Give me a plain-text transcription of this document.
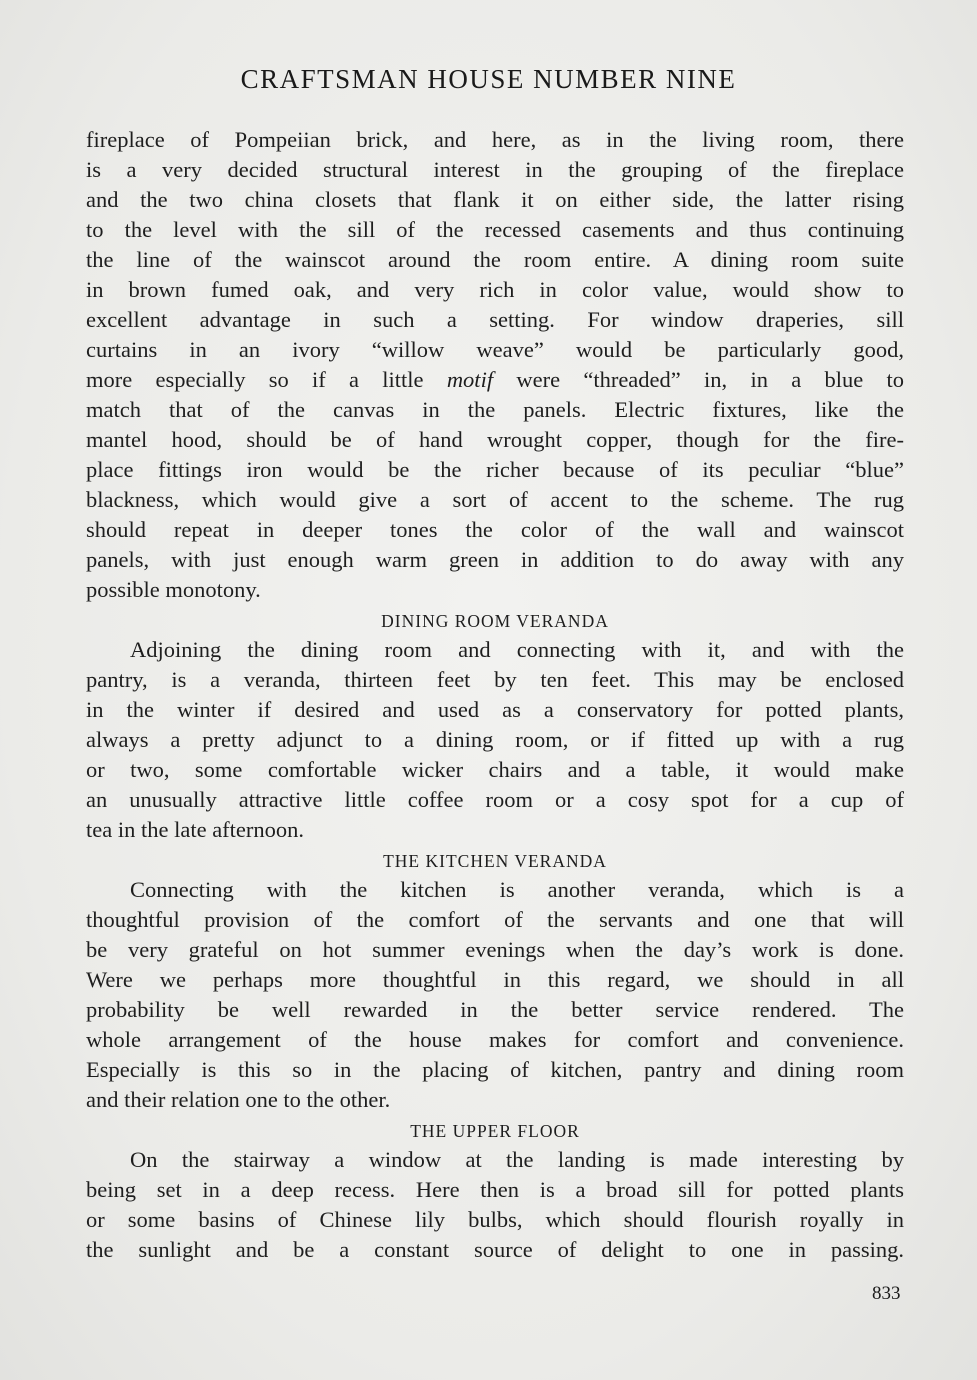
CRAFTSMAN HOUSE NUMBER NINE
fireplace of Pompeiian brick, and here, as in the living room, there
is a very decided structural interest in the grouping of the fireplace
and the two china closets that flank it on either side, the latter rising
to the level with the sill of the recessed casements and thus continuing
the line of the wainscot around the room entire. A dining room suite
in brown fumed oak, and very rich in color value, would show to
excellent advantage in such a setting. For window draperies, sill
curtains in an ivory “willow weave” would be particularly good,
more especially so if a little motif were “threaded” in, in a blue to
match that of the canvas in the panels. Electric fixtures, like the
mantel hood, should be of hand wrought copper, though for the fire-
place fittings iron would be the richer because of its peculiar “blue”
blackness, which would give a sort of accent to the scheme. The rug
should repeat in deeper tones the color of the wall and wainscot
panels, with just enough warm green in addition to do away with any
possible monotony.
DINING ROOM VERANDA
Adjoining the dining room and connecting with it, and with the
pantry, is a veranda, thirteen feet by ten feet. This may be enclosed
in the winter if desired and used as a conservatory for potted plants,
always a pretty adjunct to a dining room, or if fitted up with a rug
or two, some comfortable wicker chairs and a table, it would make
an unusually attractive little coffee room or a cosy spot for a cup of
tea in the late afternoon.
THE KITCHEN VERANDA
Connecting with the kitchen is another veranda, which is a
thoughtful provision of the comfort of the servants and one that will
be very grateful on hot summer evenings when the day’s work is done.
Were we perhaps more thoughtful in this regard, we should in all
probability be well rewarded in the better service rendered. The
whole arrangement of the house makes for comfort and convenience.
Especially is this so in the placing of kitchen, pantry and dining room
and their relation one to the other.
THE UPPER FLOOR
On the stairway a window at the landing is made interesting by
being set in a deep recess. Here then is a broad sill for potted plants
or some basins of Chinese lily bulbs, which should flourish royally in
the sunlight and be a constant source of delight to one in passing.
833
